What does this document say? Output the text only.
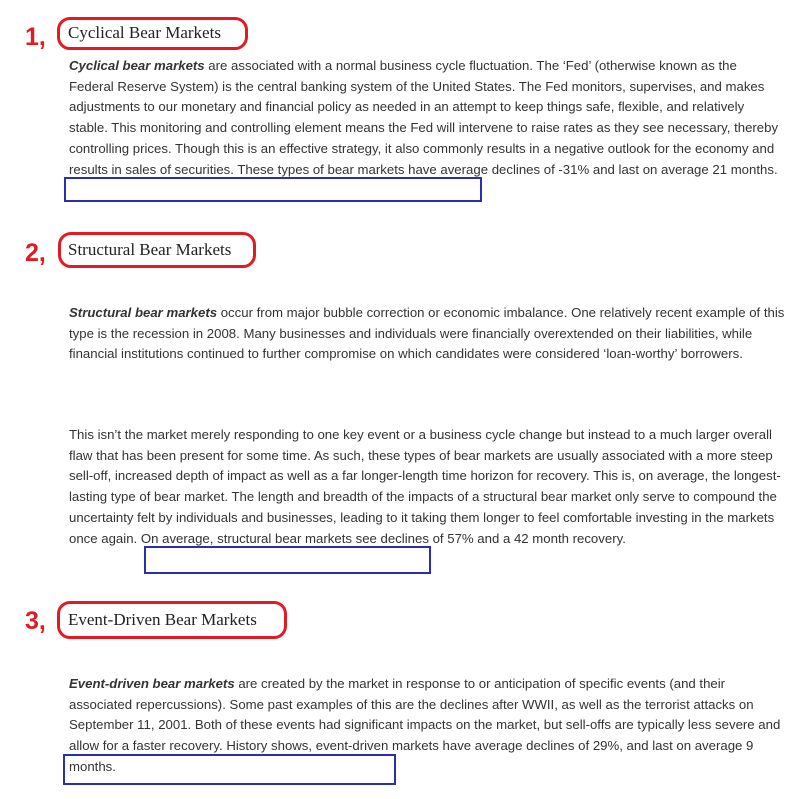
1, Cyclical Bear Markets

Cyclical bear markets are associated with a normal business cycle fluctuation. The ‘Fed’ (otherwise known as the Federal Reserve System) is the central banking system of the United States. The Fed monitors, supervises, and makes adjustments to our monetary and financial policy as needed in an attempt to keep things safe, flexible, and relatively stable. This monitoring and controlling element means the Fed will intervene to raise rates as they see necessary, thereby controlling prices. Though this is an effective strategy, it also commonly results in a negative outlook for the economy and results in sales of securities. These types of bear markets have average declines of -31% and last on average 21 months.

2, Structural Bear Markets

Structural bear markets occur from major bubble correction or economic imbalance. One relatively recent example of this type is the recession in 2008. Many businesses and individuals were financially overextended on their liabilities, while financial institutions continued to further compromise on which candidates were considered ‘loan-worthy’ borrowers.

This isn’t the market merely responding to one key event or a business cycle change but instead to a much larger overall flaw that has been present for some time. As such, these types of bear markets are usually associated with a more steep sell-off, increased depth of impact as well as a far longer-length time horizon for recovery. This is, on average, the longest-lasting type of bear market. The length and breadth of the impacts of a structural bear market only serve to compound the uncertainty felt by individuals and businesses, leading to it taking them longer to feel comfortable investing in the markets once again. On average, structural bear markets see declines of 57% and a 42 month recovery.

3, Event-Driven Bear Markets

Event-driven bear markets are created by the market in response to or anticipation of specific events (and their associated repercussions). Some past examples of this are the declines after WWII, as well as the terrorist attacks on September 11, 2001. Both of these events had significant impacts on the market, but sell-offs are typically less severe and allow for a faster recovery. History shows, event-driven markets have average declines of 29%, and last on average 9 months.
